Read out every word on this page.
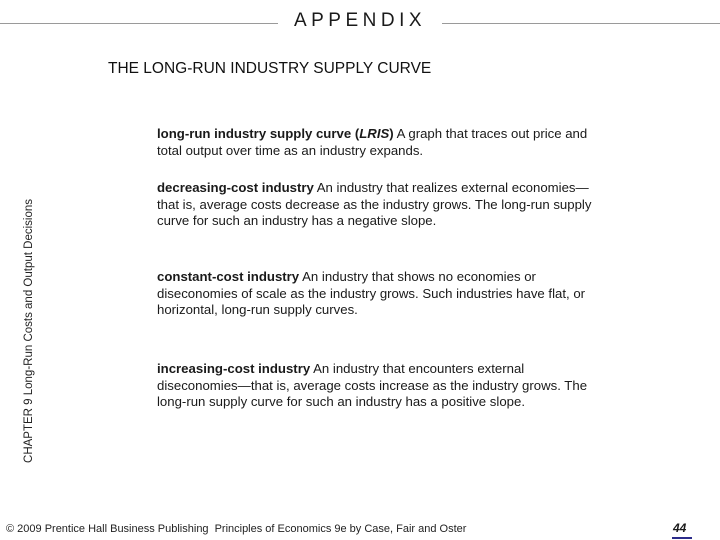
APPENDIX
THE LONG-RUN INDUSTRY SUPPLY CURVE
CHAPTER 9 Long-Run Costs and Output Decisions

long-run industry supply curve (LRIS) A graph that traces out price and total output over time as an industry expands.

decreasing-cost industry An industry that realizes external economies—that is, average costs decrease as the industry grows. The long-run supply curve for such an industry has a negative slope.

constant-cost industry An industry that shows no economies or diseconomies of scale as the industry grows. Such industries have flat, or horizontal, long-run supply curves.

increasing-cost industry An industry that encounters external diseconomies—that is, average costs increase as the industry grows. The long-run supply curve for such an industry has a positive slope.

© 2009 Prentice Hall Business Publishing Principles of Economics 9e by Case, Fair and Oster	44
